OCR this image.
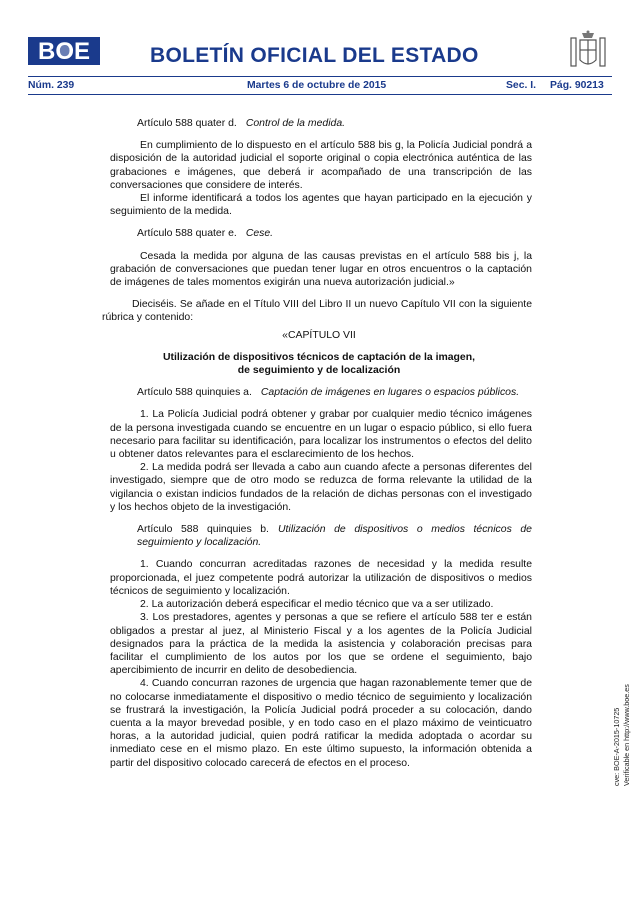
BOE	BOLETÍN OFICIAL DEL ESTADO
Núm. 239	Martes 6 de octubre de 2015	Sec. I. Pág. 90213

Artículo 588 quater d. Control de la medida.

En cumplimiento de lo dispuesto en el artículo 588 bis g, la Policía Judicial pondrá a disposición de la autoridad judicial el soporte original o copia electrónica auténtica de las grabaciones e imágenes, que deberá ir acompañado de una transcripción de las conversaciones que considere de interés.

El informe identificará a todos los agentes que hayan participado en la ejecución y seguimiento de la medida.

Artículo 588 quater e. Cese.

Cesada la medida por alguna de las causas previstas en el artículo 588 bis j, la grabación de conversaciones que puedan tener lugar en otros encuentros o la captación de imágenes de tales momentos exigirán una nueva autorización judicial.»

Dieciséis. Se añade en el Título VIII del Libro II un nuevo Capítulo VII con la siguiente rúbrica y contenido:

«CAPÍTULO VII

Utilización de dispositivos técnicos de captación de la imagen,

de seguimiento y de localización

Artículo 588 quinquies a. Captación de imágenes en lugares o espacios públicos.

1. La Policía Judicial podrá obtener y grabar por cualquier medio técnico imágenes de la persona investigada cuando se encuentre en un lugar o espacio público, si ello fuera necesario para facilitar su identificación, para localizar los instrumentos o efectos del delito u obtener datos relevantes para el esclarecimiento de los hechos.

2. La medida podrá ser llevada a cabo aun cuando afecte a personas diferentes del investigado, siempre que de otro modo se reduzca de forma relevante la utilidad de la vigilancia o existan indicios fundados de la relación de dichas personas con el investigado y los hechos objeto de la investigación.

Artículo 588 quinquies b. Utilización de dispositivos o medios técnicos de seguimiento y localización.

1. Cuando concurran acreditadas razones de necesidad y la medida resulte proporcionada, el juez competente podrá autorizar la utilización de dispositivos o medios técnicos de seguimiento y localización.

2. La autorización deberá especificar el medio técnico que va a ser utilizado.

3. Los prestadores, agentes y personas a que se refiere el artículo 588 ter e están obligados a prestar al juez, al Ministerio Fiscal y a los agentes de la Policía Judicial designados para la práctica de la medida la asistencia y colaboración precisas para facilitar el cumplimiento de los autos por los que se ordene el seguimiento, bajo apercibimiento de incurrir en delito de desobediencia.

4. Cuando concurran razones de urgencia que hagan razonablemente temer que de no colocarse inmediatamente el dispositivo o medio técnico de seguimiento y localización se frustrará la investigación, la Policía Judicial podrá proceder a su colocación, dando cuenta a la mayor brevedad posible, y en todo caso en el plazo máximo de veinticuatro horas, a la autoridad judicial, quien podrá ratificar la medida adoptada o acordar su inmediato cese en el mismo plazo. En este último supuesto, la información obtenida a partir del dispositivo colocado carecerá de efectos en el proceso.	cve: BOE-A-2015-10725 Verificable en http://www.boe.es
